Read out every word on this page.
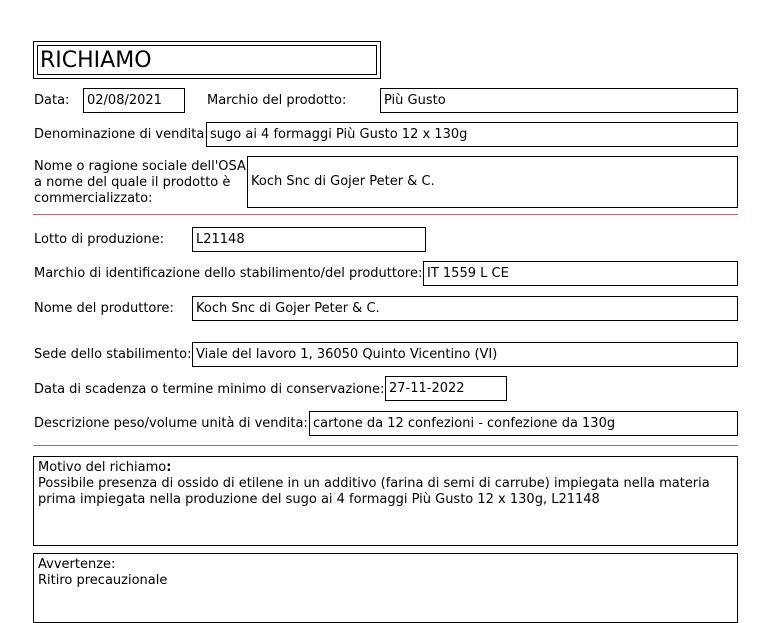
RICHIAMO
Data:	02/08/2021	Marchio del prodotto:	Più Gusto
Denominazione di vendita: sugo ai 4 formaggi Più Gusto 12 x 130g
Nome o ragione sociale dell'OSA
a nome del quale il prodotto è
commercializzato:
Koch Snc di Gojer Peter & C.
Lotto di produzione:	L21148
Marchio di identificazione dello stabilimento/del produttore: IT 1559 L CE
Nome del produttore:	Koch Snc di Gojer Peter & C.
Sede dello stabilimento: Viale del lavoro 1, 36050 Quinto Vicentino (VI)
Data di scadenza o termine minimo di conservazione: 27-11-2022
Descrizione peso/volume unità di vendita: cartone da 12 confezioni - confezione da 130g
Motivo del richiamo:
Possibile presenza di ossido di etilene in un additivo (farina di semi di carrube) impiegata nella materia prima impiegata nella produzione del sugo ai 4 formaggi Più Gusto 12 x 130g, L21148
Avvertenze:
Ritiro precauzionale
